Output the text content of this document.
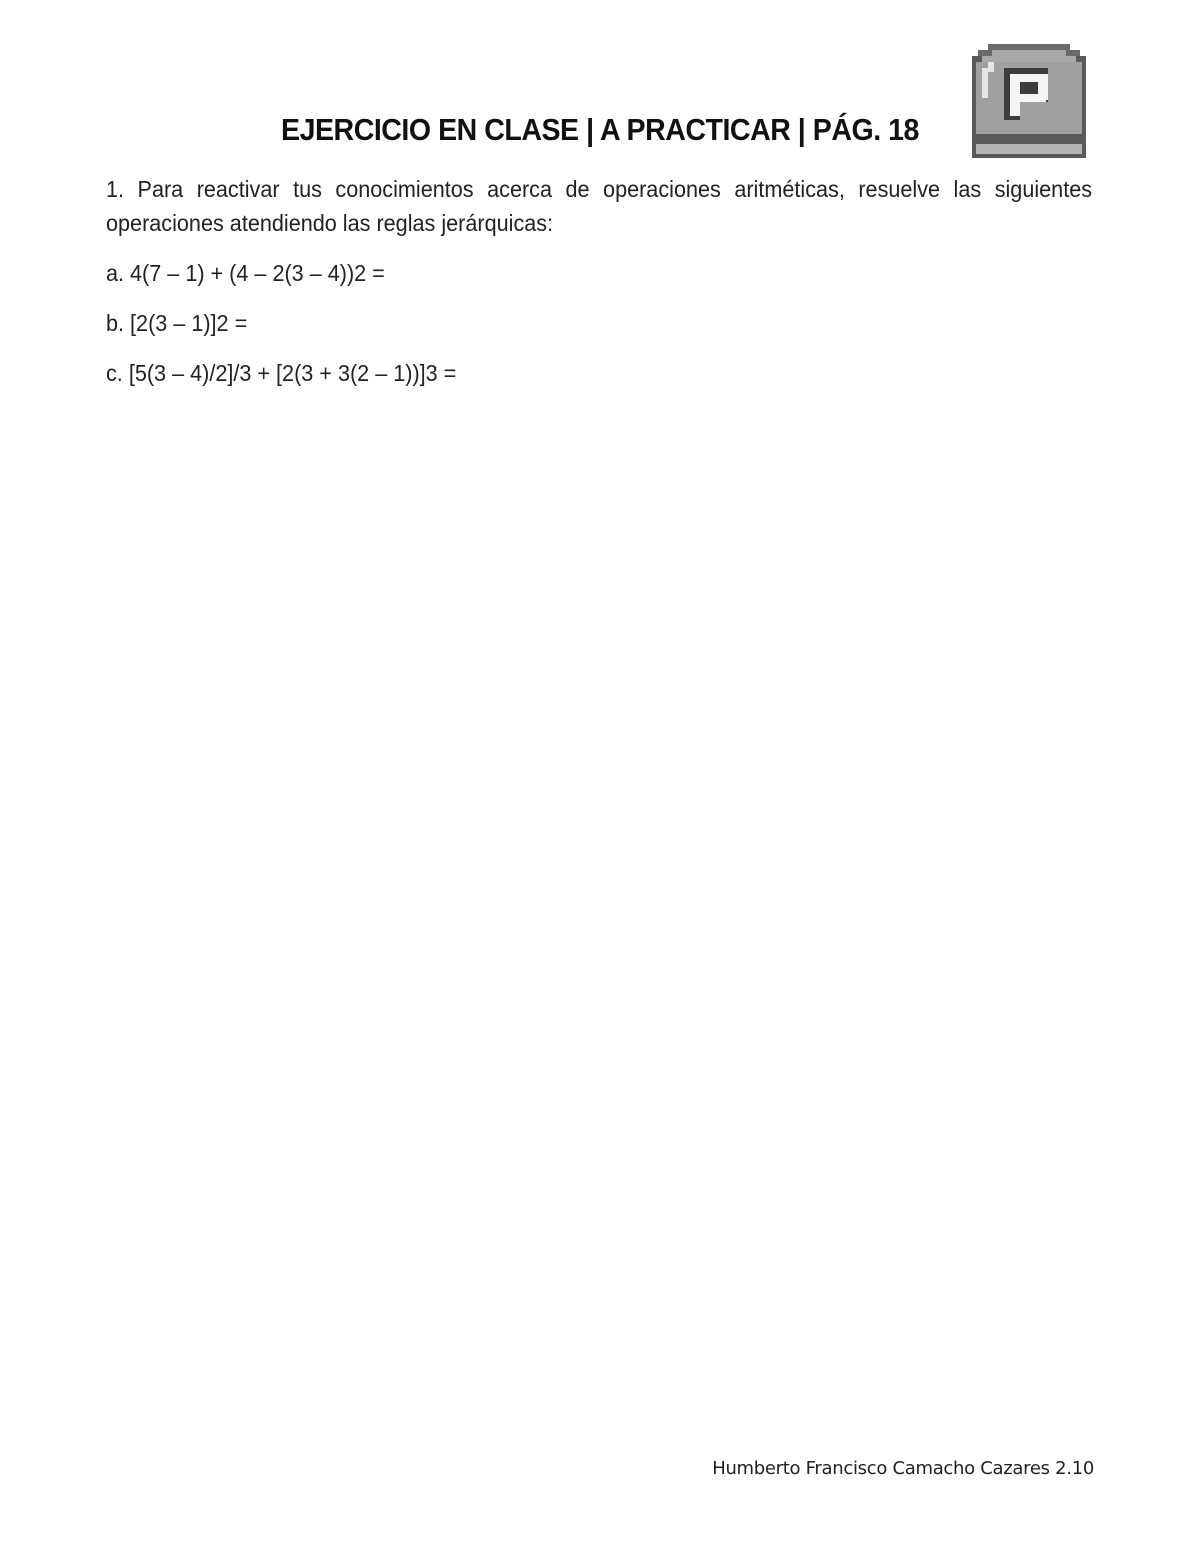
EJERCICIO EN CLASE | A PRACTICAR | PÁG. 18

1. Para reactivar tus conocimientos acerca de operaciones aritméticas, resuelve las siguientes operaciones atendiendo las reglas jerárquicas:

a. 4(7 – 1) + (4 – 2(3 – 4))2 =

b. [2(3 – 1)]2 =

c. [5(3 – 4)/2]/3 + [2(3 + 3(2 – 1))]3 =

Humberto Francisco Camacho Cazares 2.10
